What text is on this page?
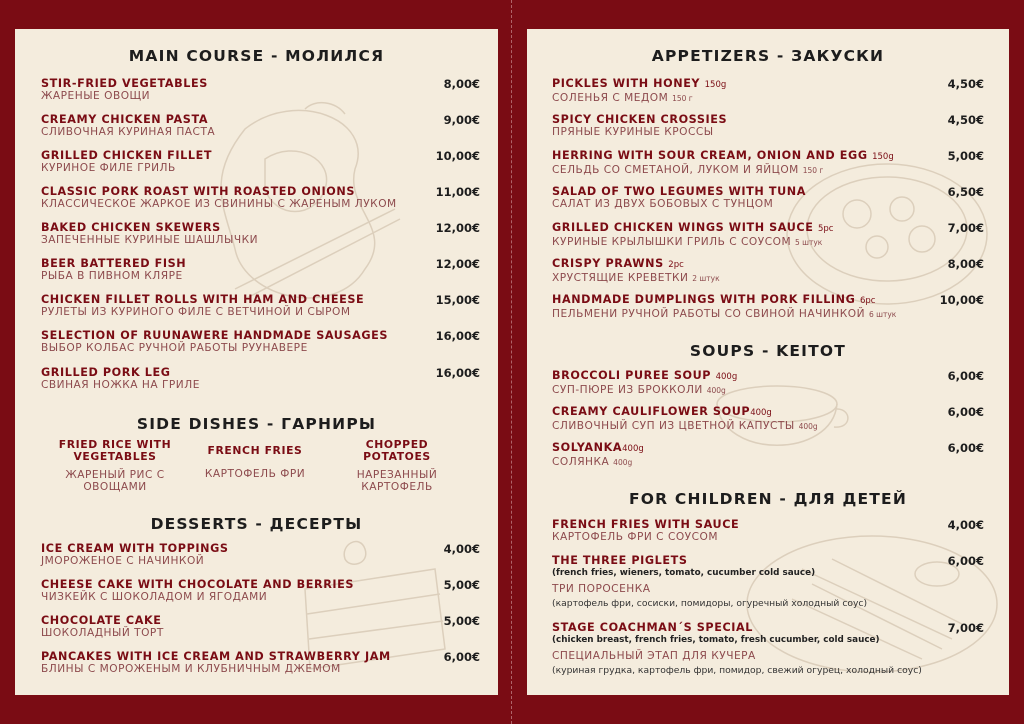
MAIN COURSE - МОЛИЛСЯ
STIR-FRIED VEGETABLES
ЖАРЕНЫЕ ОВОЩИ
8,00€
CREAMY CHICKEN PASTA
СЛИВОЧНАЯ КУРИНАЯ ПАСТА
9,00€
GRILLED CHICKEN FILLET
КУРИНОЕ ФИЛЕ ГРИЛЬ
10,00€
CLASSIC PORK ROAST WITH ROASTED ONIONS
КЛАССИЧЕСКОЕ ЖАРКОЕ ИЗ СВИНИНЫ С ЖАРЕНЫМ ЛУКОМ
11,00€
BAKED CHICKEN SKEWERS
ЗАПЕЧЕННЫЕ КУРИНЫЕ ШАШЛЫЧКИ
12,00€
BEER BATTERED FISH
РЫБА В ПИВНОМ КЛЯРЕ
12,00€
CHICKEN FILLET ROLLS WITH HAM AND CHEESE
РУЛЕТЫ ИЗ КУРИНОГО ФИЛЕ С ВЕТЧИНОЙ И СЫРОМ
15,00€
SELECTION OF RUUNAWERE HANDMADE SAUSAGES
ВЫБОР КОЛБАС РУЧНОЙ РАБОТЫ РУУНАВЕРЕ
16,00€
GRILLED PORK LEG
СВИНАЯ НОЖКА НА ГРИЛЕ
16,00€
SIDE DISHES - ГАРНИРЫ
FRIED RICE WITH VEGETABLES
ЖАРЕНЫЙ РИС С ОВОЩАМИ
FRENCH FRIES
КАРТОФЕЛЬ ФРИ
CHOPPED POTATOES
НАРЕЗАННЫЙ КАРТОФЕЛЬ
DESSERTS - ДЕСЕРТЫ
ICE CREAM WITH TOPPINGS
JМОРОЖЕНОЕ С НАЧИНКОЙ
4,00€
CHEESE CAKE WITH CHOCOLATE AND BERRIES
ЧИЗКЕЙК С ШОКОЛАДОМ И ЯГОДАМИ
5,00€
CHOCOLATE CAKE
ШОКОЛАДНЫЙ ТОРТ
5,00€
PANCAKES WITH ICE CREAM AND STRAWBERRY JAM
БЛИНЫ С МОРОЖЕНЫМ И КЛУБНИЧНЫМ ДЖЕМОМ
6,00€
APPETIZERS - ЗАКУСКИ
PICKLES WITH HONEY 150g
СОЛЕНЬЯ С МЕДОМ 150 г
4,50€
SPICY CHICKEN CROSSIES
ПРЯНЫЕ КУРИНЫЕ КРОССЫ
4,50€
HERRING WITH SOUR CREAM, ONION AND EGG 150g
СЕЛЬДЬ СО СМЕТАНОЙ, ЛУКОМ И ЯЙЦОМ 150 г
5,00€
SALAD OF TWO LEGUMES WITH TUNA
САЛАТ ИЗ ДВУХ БОБОВЫХ С ТУНЦОМ
6,50€
GRILLED CHICKEN WINGS WITH SAUCE 5pc
КУРИНЫЕ КРЫЛЫШКИ ГРИЛЬ С СОУСОМ 5 штук
7,00€
CRISPY PRAWNS 2pc
ХРУСТЯЩИЕ КРЕВЕТКИ 2 штук
8,00€
HANDMADE DUMPLINGS WITH PORK FILLING 6pc
ПЕЛЬМЕНИ РУЧНОЙ РАБОТЫ СО СВИНОЙ НАЧИНКОЙ 6 штук
10,00€
SOUPS - KEITOT
BROCCOLI PUREE SOUP 400g
СУП-ПЮРЕ ИЗ БРОККОЛИ 400g
6,00€
CREAMY CAULIFLOWER SOUP400g
СЛИВОЧНЫЙ СУП ИЗ ЦВЕТНОЙ КАПУСТЫ 400g
6,00€
SOLYANKA400g
СОЛЯНКА 400g
6,00€
FOR CHILDREN - ДЛЯ ДЕТЕЙ
FRENCH FRIES WITH SAUCE
КАРТОФЕЛЬ ФРИ С СОУСОМ
4,00€
THE THREE PIGLETS
(french fries, wieners, tomato, cucumber cold sauce)
ТРИ ПОРОСЕНКА
(картофель фри, сосиски, помидоры, огуречный холодный соус)
6,00€
STAGE COACHMAN´S SPECIAL
(chicken breast, french fries, tomato, fresh cucumber, cold sauce)
СПЕЦИАЛЬНЫЙ ЭТАП ДЛЯ КУЧЕРА
(куриная грудка, картофель фри, помидор, свежий огурец, холодный соус)
7,00€
